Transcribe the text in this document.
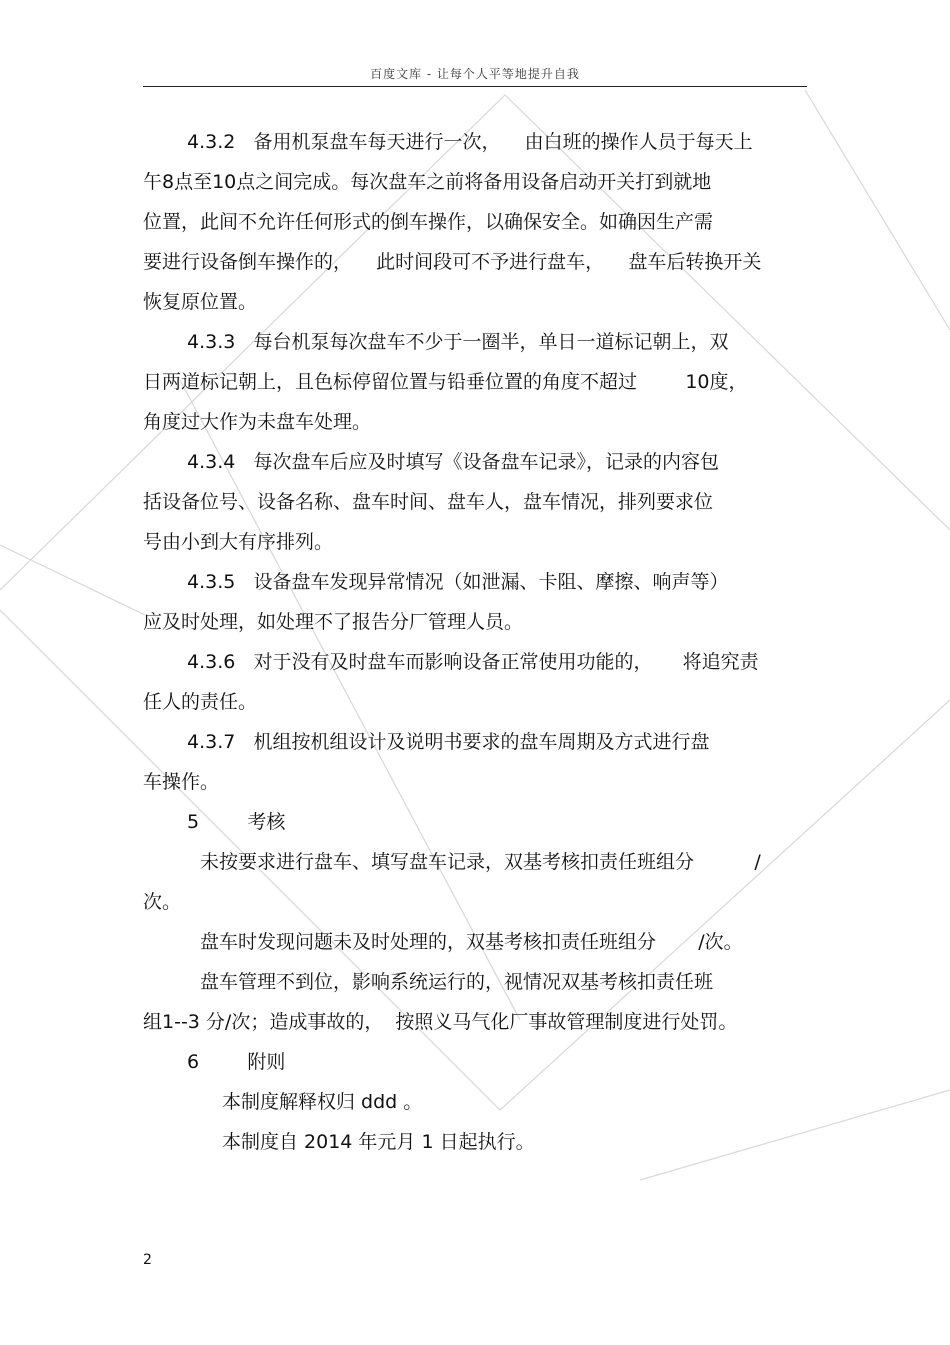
百度文库 - 让每个人平等地提升自我
4.3.2   备用机泵盘车每天进行一次，    由白班的操作人员于每天上
午8点至10点之间完成。每次盘车之前将备用设备启动开关打到就地
位置，此间不允许任何形式的倒车操作，以确保安全。如确因生产需
要进行设备倒车操作的，    此时间段可不予进行盘车，    盘车后转换开关
恢复原位置。
4.3.3   每台机泵每次盘车不少于一圈半，单日一道标记朝上，双
日两道标记朝上，且色标停留位置与铅垂位置的角度不超过        10度，
角度过大作为未盘车处理。
4.3.4   每次盘车后应及时填写《设备盘车记录》，记录的内容包
括设备位号、设备名称、盘车时间、盘车人，盘车情况，排列要求位
号由小到大有序排列。
4.3.5   设备盘车发现异常情况（如泄漏、卡阻、摩擦、响声等）
应及时处理，如处理不了报告分厂管理人员。
4.3.6   对于没有及时盘车而影响设备正常使用功能的，     将追究责
任人的责任。
4.3.7   机组按机组设计及说明书要求的盘车周期及方式进行盘
车操作。
5        考核
未按要求进行盘车、填写盘车记录，双基考核扣责任班组分          /
次。
盘车时发现问题未及时处理的，双基考核扣责任班组分       /次。
盘车管理不到位，影响系统运行的，视情况双基考核扣责任班
组1--3 分/次；造成事故的，  按照义马气化厂事故管理制度进行处罚。
6        附则
本制度解释权归 ddd 。
本制度自 2014 年元月 1 日起执行。
2
